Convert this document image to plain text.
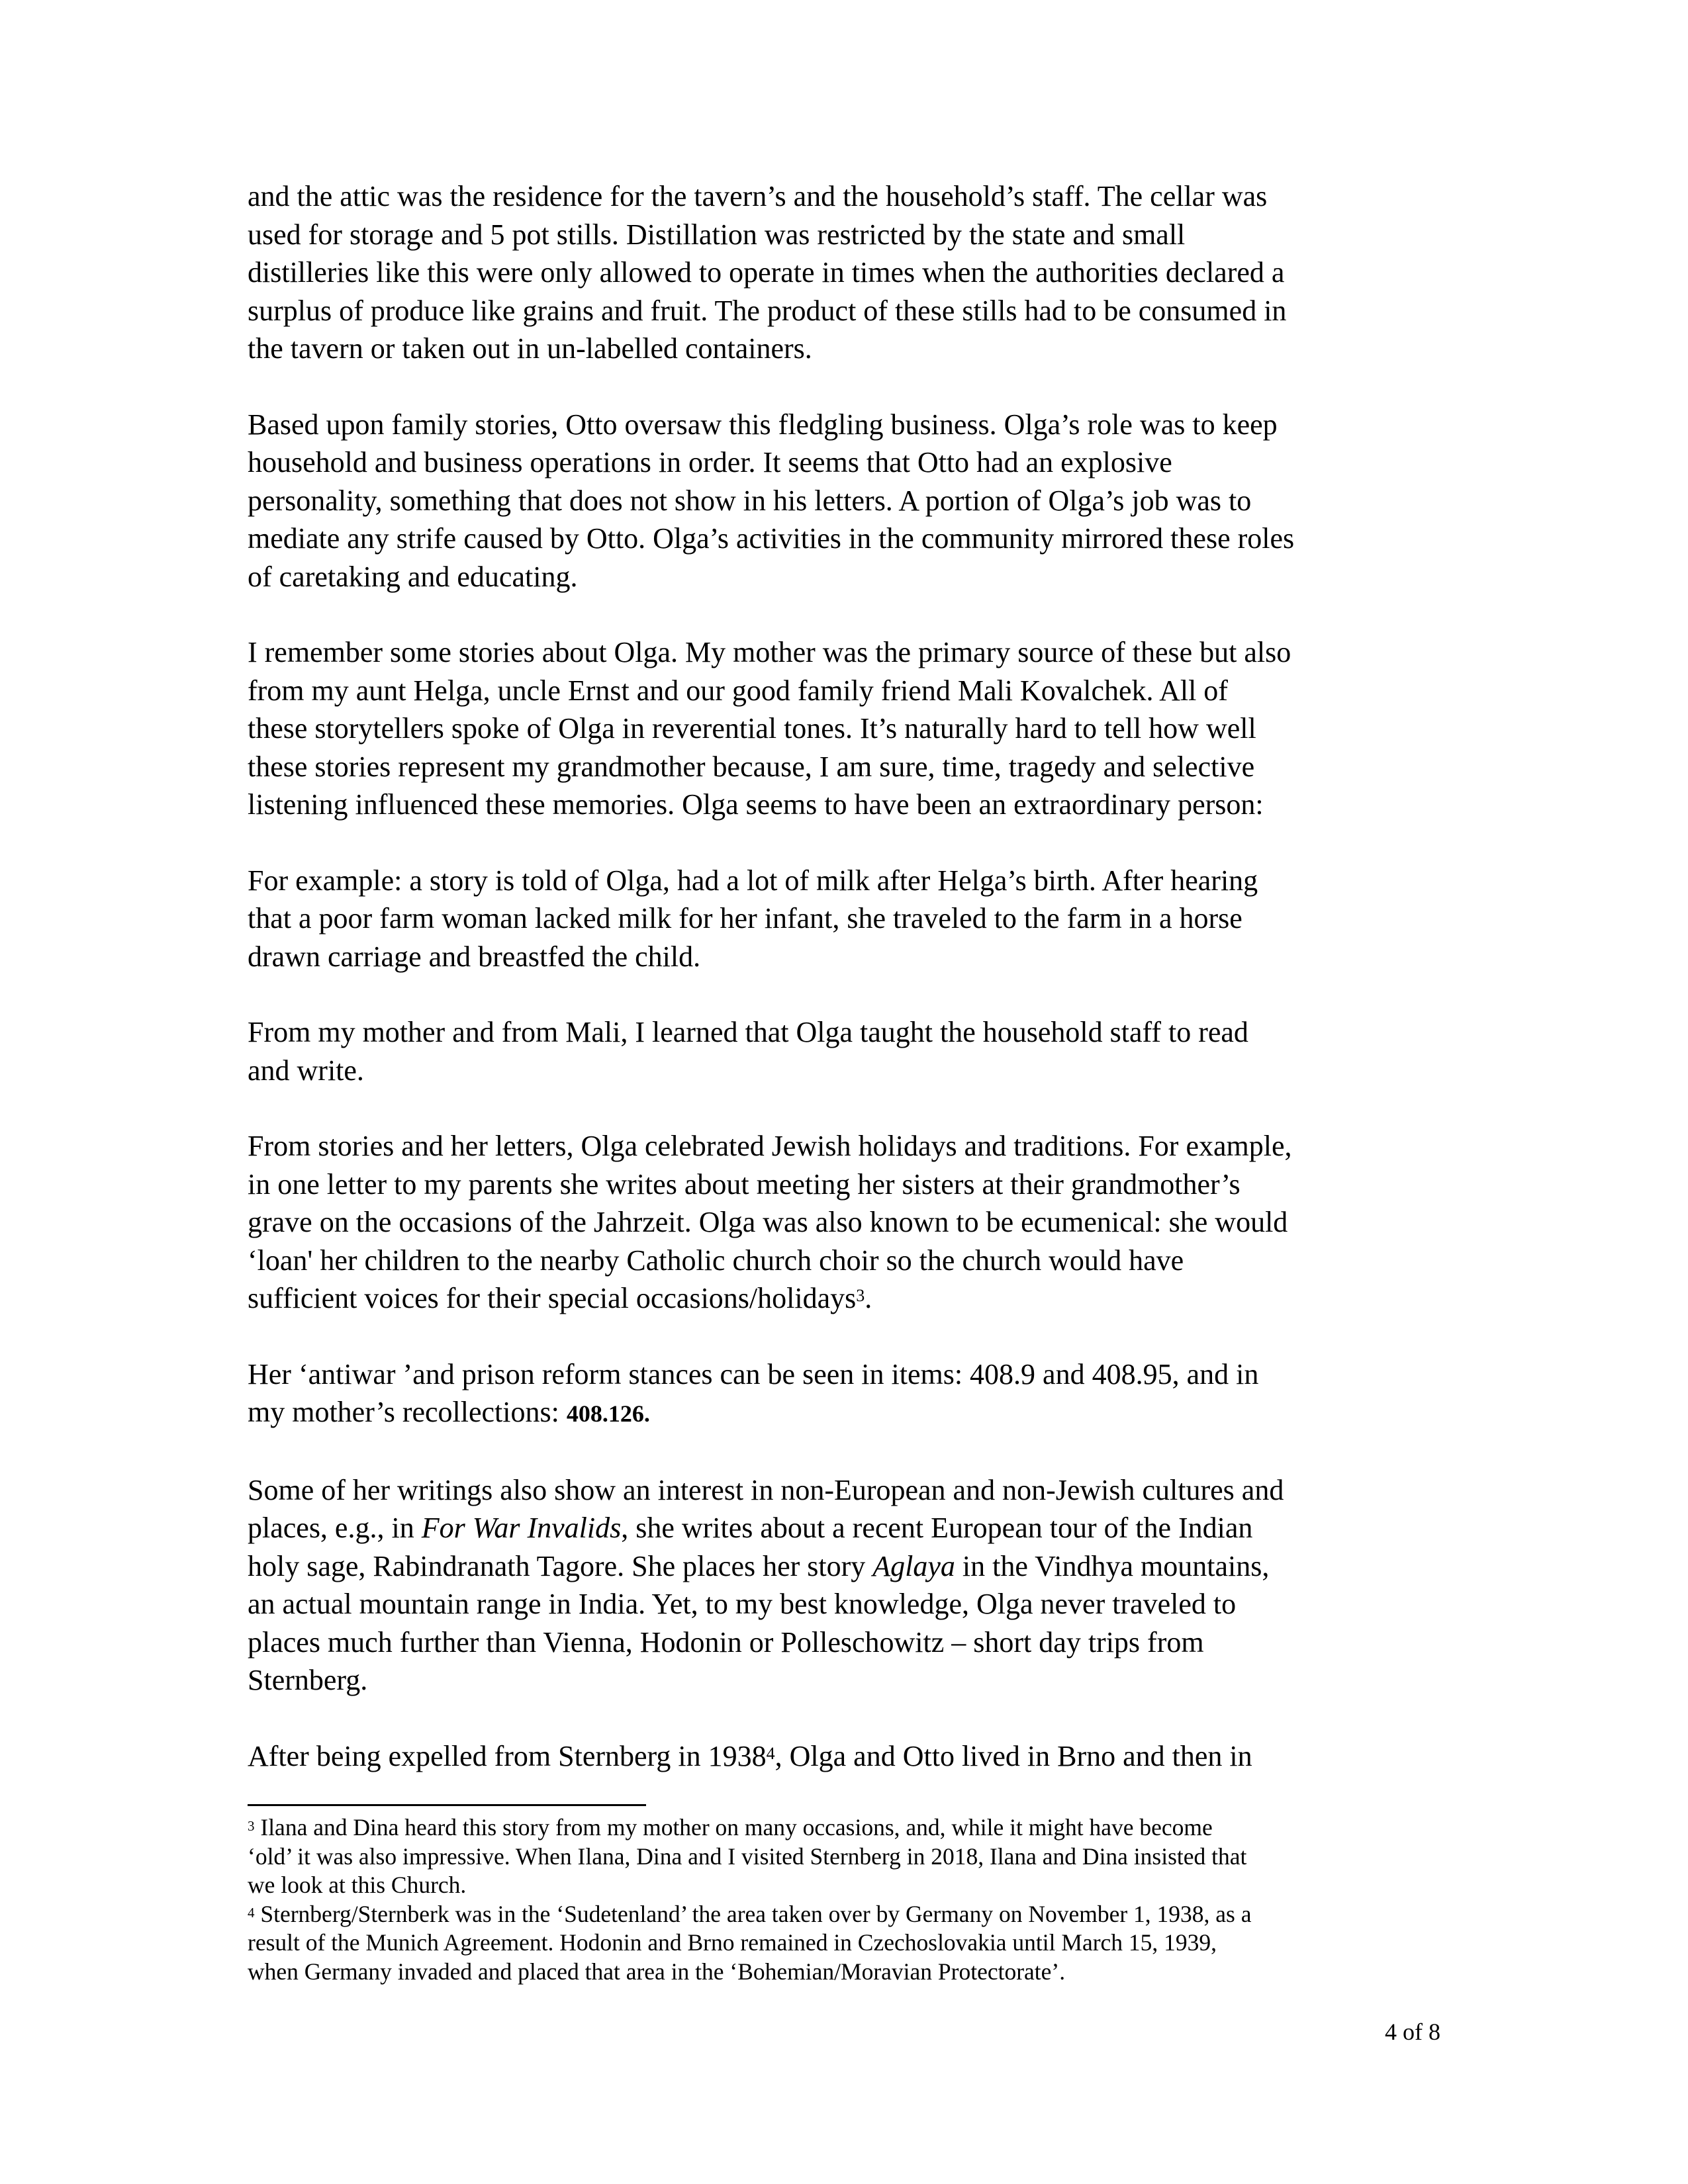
and the attic was the residence for the tavern’s and the household’s staff. The cellar was
used for storage and 5 pot stills. Distillation was restricted by the state and small
distilleries like this were only allowed to operate in times when the authorities declared a
surplus of produce like grains and fruit. The product of these stills had to be consumed in
the tavern or taken out in un-labelled containers.

Based upon family stories, Otto oversaw this fledgling business. Olga’s role was to keep
household and business operations in order. It seems that Otto had an explosive
personality, something that does not show in his letters. A portion of Olga’s job was to
mediate any strife caused by Otto. Olga’s activities in the community mirrored these roles
of caretaking and educating.

I remember some stories about Olga. My mother was the primary source of these but also
from my aunt Helga, uncle Ernst and our good family friend Mali Kovalchek. All of
these storytellers spoke of Olga in reverential tones. It’s naturally hard to tell how well
these stories represent my grandmother because, I am sure, time, tragedy and selective
listening influenced these memories. Olga seems to have been an extraordinary person:

For example: a story is told of Olga, had a lot of milk after Helga’s birth. After hearing
that a poor farm woman lacked milk for her infant, she traveled to the farm in a horse
drawn carriage and breastfed the child.

From my mother and from Mali, I learned that Olga taught the household staff to read
and write.

From stories and her letters, Olga celebrated Jewish holidays and traditions. For example,
in one letter to my parents she writes about meeting her sisters at their grandmother’s
grave on the occasions of the Jahrzeit. Olga was also known to be ecumenical: she would
‘loan' her children to the nearby Catholic church choir so the church would have
sufficient voices for their special occasions/holidays$^3$.

Her ‘antiwar ’and prison reform stances can be seen in items: 408.9 and 408.95, and in
my mother’s recollections: 408.126.

Some of her writings also show an interest in non-European and non-Jewish cultures and
places, e.g., in For War Invalids, she writes about a recent European tour of the Indian
holy sage, Rabindranath Tagore. She places her story Aglaya in the Vindhya mountains,
an actual mountain range in India. Yet, to my best knowledge, Olga never traveled to
places much further than Vienna, Hodonin or Polleschowitz – short day trips from
Sternberg.

After being expelled from Sternberg in 1938$^4$, Olga and Otto lived in Brno and then in

$^3$ Ilana and Dina heard this story from my mother on many occasions, and, while it might have become
‘old’ it was also impressive. When Ilana, Dina and I visited Sternberg in 2018, Ilana and Dina insisted that
we look at this Church.

$^4$ Sternberg/Sternberk was in the ‘Sudetenland’ the area taken over by Germany on November 1, 1938, as a
result of the Munich Agreement. Hodonin and Brno remained in Czechoslovakia until March 15, 1939,
when Germany invaded and placed that area in the ‘Bohemian/Moravian Protectorate’.

4 of 8
